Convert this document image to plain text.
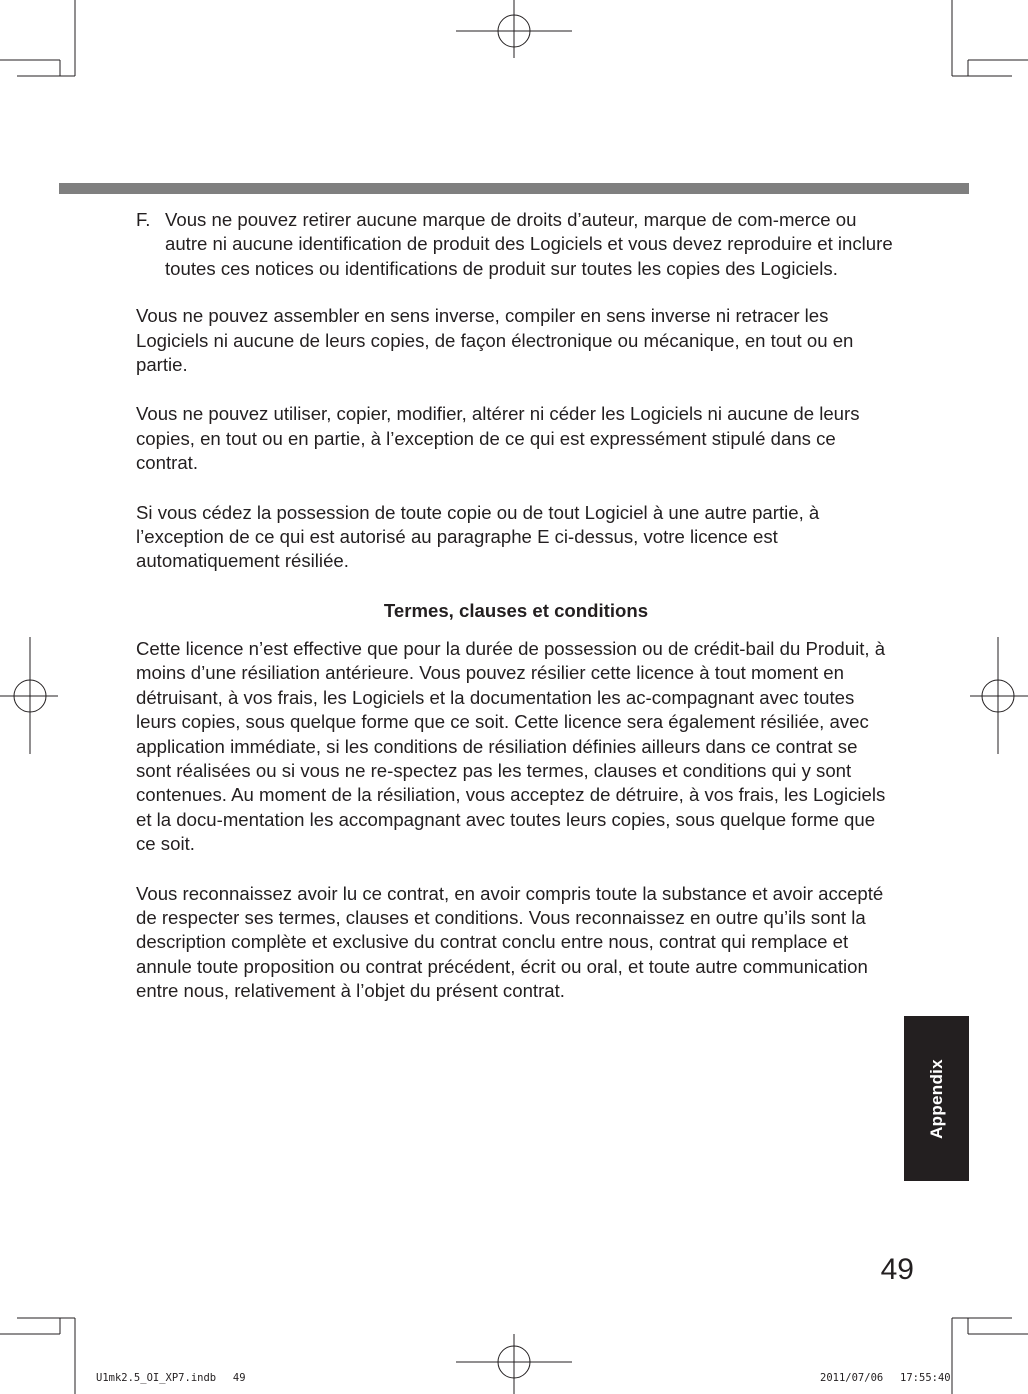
F. Vous ne pouvez retirer aucune marque de droits d’auteur, marque de com-merce ou autre ni aucune identification de produit des Logiciels et vous devez reproduire et inclure toutes ces notices ou identifications de produit sur toutes les copies des Logiciels.

Vous ne pouvez assembler en sens inverse, compiler en sens inverse ni retracer les Logiciels ni aucune de leurs copies, de façon électronique ou mécanique, en tout ou en partie.

Vous ne pouvez utiliser, copier, modifier, altérer ni céder les Logiciels ni aucune de leurs copies, en tout ou en partie, à l’exception de ce qui est expressément stipulé dans ce contrat.

Si vous cédez la possession de toute copie ou de tout Logiciel à une autre partie, à l’exception de ce qui est autorisé au paragraphe E ci-dessus, votre licence est automatiquement résiliée.

Termes, clauses et conditions

Cette licence n’est effective que pour la durée de possession ou de crédit-bail du Produit, à moins d’une résiliation antérieure. Vous pouvez résilier cette licence à tout moment en détruisant, à vos frais, les Logiciels et la documentation les ac-compagnant avec toutes leurs copies, sous quelque forme que ce soit. Cette licence sera également résiliée, avec application immédiate, si les conditions de résiliation définies ailleurs dans ce contrat se sont réalisées ou si vous ne re-spectez pas les termes, clauses et conditions qui y sont contenues. Au moment de la résiliation, vous acceptez de détruire, à vos frais, les Logiciels et la docu-mentation les accompagnant avec toutes leurs copies, sous quelque forme que ce soit.

Vous reconnaissez avoir lu ce contrat, en avoir compris toute la substance et avoir accepté de respecter ses termes, clauses et conditions. Vous reconnaissez en outre qu’ils sont la description complète et exclusive du contrat conclu entre nous, contrat qui remplace et annule toute proposition ou contrat précédent, écrit ou oral, et toute autre communication entre nous, relativement à l’objet du présent contrat.

Appendix
49
U1mk2.5_OI_XP7.indb　 49	2011/07/06　 17:55:40
